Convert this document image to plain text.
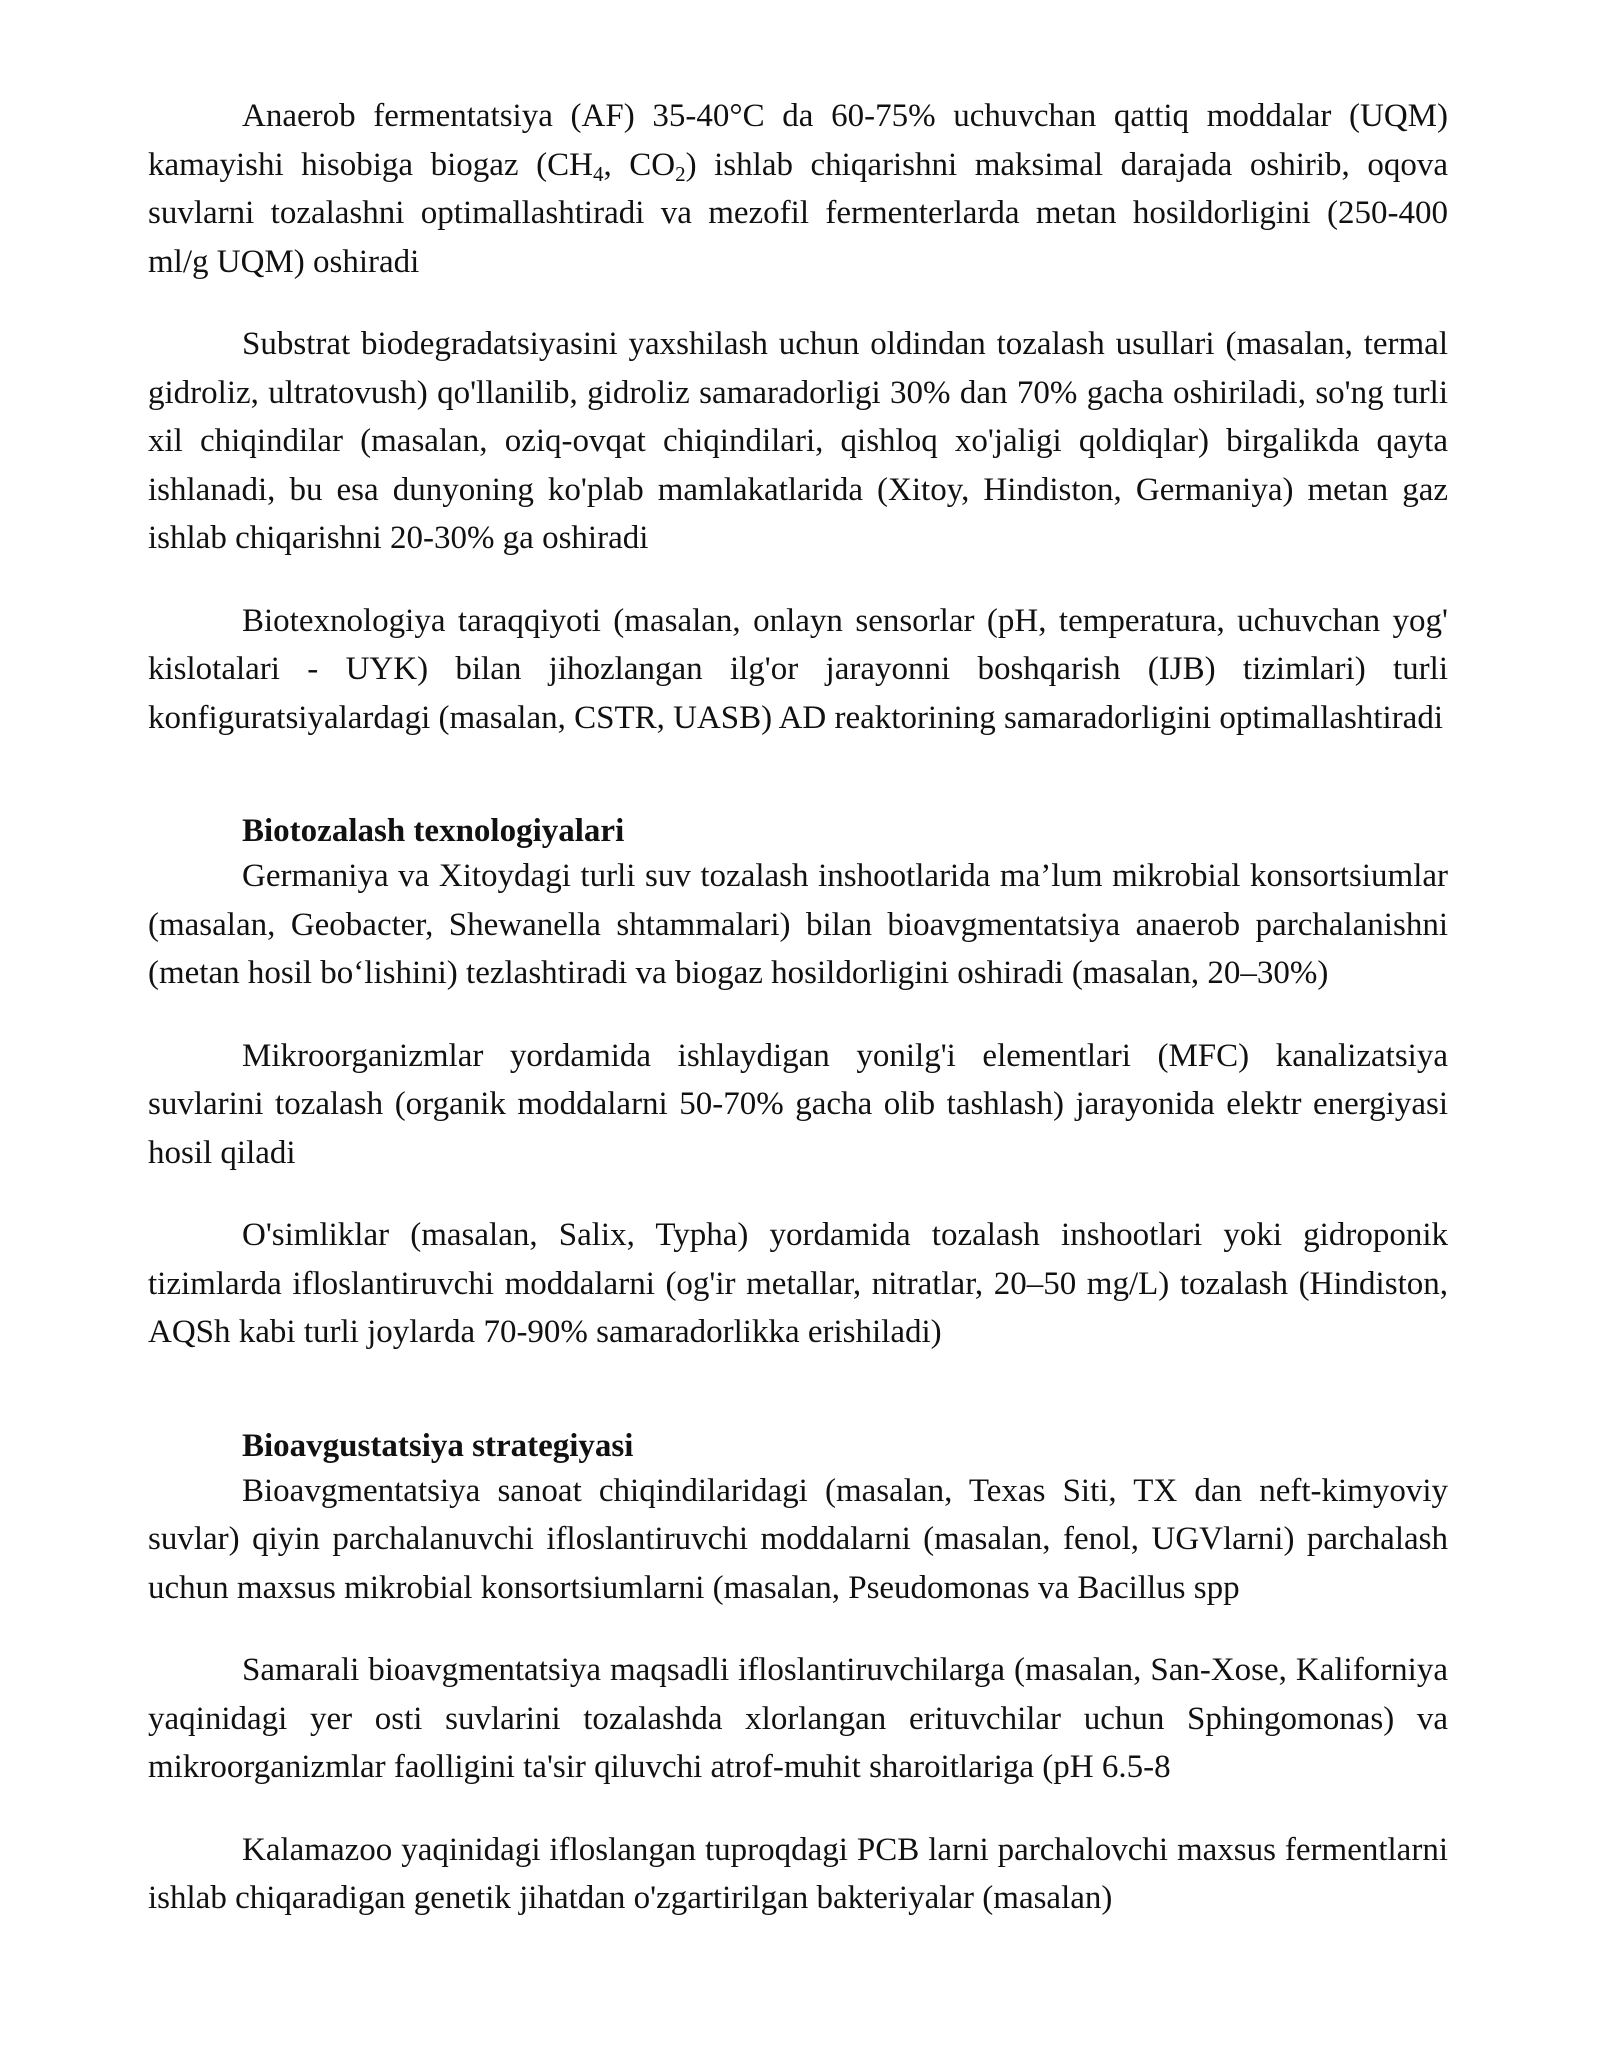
Anaerob fermentatsiya (AF) 35-40°C da 60-75% uchuvchan qattiq moddalar (UQM) kamayishi hisobiga biogaz ($CH_4$, $CO_2$) ishlab chiqarishni maksimal darajada oshirib, oqova suvlarni tozalashni optimallashtiradi va mezofil fermenterlarda metan hosildorligini (250-400 ml/g UQM) oshiradi

Substrat biodegradatsiyasini yaxshilash uchun oldindan tozalash usullari (masalan, termal gidroliz, ultratovush) qo'llanilib, gidroliz samaradorligi 30% dan 70% gacha oshiriladi, so'ng turli xil chiqindilar (masalan, oziq-ovqat chiqindilari, qishloq xo'jaligi qoldiqlar) birgalikda qayta ishlanadi, bu esa dunyoning ko'plab mamlakatlarida (Xitoy, Hindiston, Germaniya) metan gaz ishlab chiqarishni 20-30% ga oshiradi

Biotexnologiya taraqqiyoti (masalan, onlayn sensorlar (pH, temperatura, uchuvchan yog' kislotalari - UYK) bilan jihozlangan ilg'or jarayonni boshqarish (IJB) tizimlari) turli konfiguratsiyalardagi (masalan, CSTR, UASB) AD reaktorining samaradorligini optimallashtiradi

Biotozalash texnologiyalari

Germaniya va Xitoydagi turli suv tozalash inshootlarida ma’lum mikrobial konsortsiumlar (masalan, Geobacter, Shewanella shtammalari) bilan bioavgmentatsiya anaerob parchalanishni (metan hosil bo‘lishini) tezlashtiradi va biogaz hosildorligini oshiradi (masalan, 20–30%)

Mikroorganizmlar yordamida ishlaydigan yonilg'i elementlari (MFC) kanalizatsiya suvlarini tozalash (organik moddalarni 50-70% gacha olib tashlash) jarayonida elektr energiyasi hosil qiladi

O'simliklar (masalan, Salix, Typha) yordamida tozalash inshootlari yoki gidroponik tizimlarda ifloslantiruvchi moddalarni (og'ir metallar, nitratlar, 20–50 mg/L) tozalash (Hindiston, AQSh kabi turli joylarda 70-90% samaradorlikka erishiladi)

Bioavgustatsiya strategiyasi

Bioavgmentatsiya sanoat chiqindilaridagi (masalan, Texas Siti, TX dan neft-kimyoviy suvlar) qiyin parchalanuvchi ifloslantiruvchi moddalarni (masalan, fenol, UGVlarni) parchalash uchun maxsus mikrobial konsortsiumlarni (masalan, Pseudomonas va Bacillus spp

Samarali bioavgmentatsiya maqsadli ifloslantiruvchilarga (masalan, San-Xose, Kaliforniya yaqinidagi yer osti suvlarini tozalashda xlorlangan erituvchilar uchun Sphingomonas) va mikroorganizmlar faolligini ta'sir qiluvchi atrof-muhit sharoitlariga (pH 6.5-8

Kalamazoo yaqinidagi ifloslangan tuproqdagi PCB larni parchalovchi maxsus fermentlarni ishlab chiqaradigan genetik jihatdan o'zgartirilgan bakteriyalar (masalan)
